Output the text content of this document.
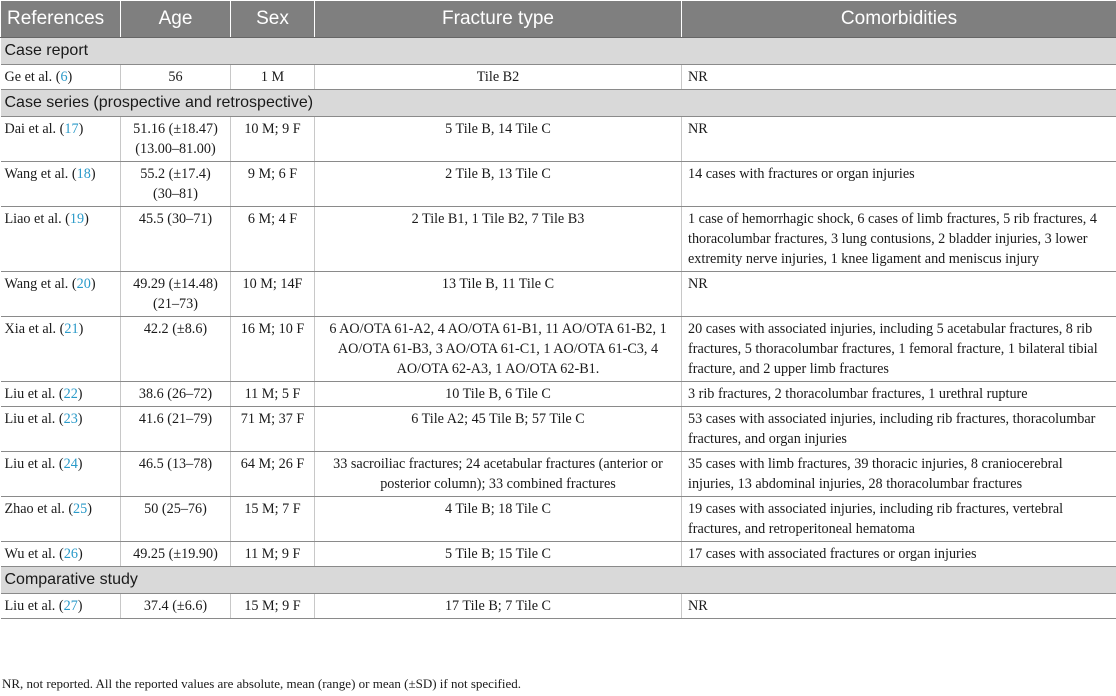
References	Age	Sex	Fracture type	Comorbidities
Case report				
Ge et al. (6)	56	1 M	Tile B2	NR
Case series (prospective and retrospective)				
Dai et al. (17)	51.16 (±18.47) (13.00–81.00)	10 M; 9 F	5 Tile B, 14 Tile C	NR
Wang et al. (18)	55.2 (±17.4) (30–81)	9 M; 6 F	2 Tile B, 13 Tile C	14 cases with fractures or organ injuries
Liao et al. (19)	45.5 (30–71)	6 M; 4 F	2 Tile B1, 1 Tile B2, 7 Tile B3	1 case of hemorrhagic shock, 6 cases of limb fractures, 5 rib fractures, 4 thoracolumbar fractures, 3 lung contusions, 2 bladder injuries, 3 lower extremity nerve injuries, 1 knee ligament and meniscus injury
Wang et al. (20)	49.29 (±14.48) (21–73)	10 M; 14F	13 Tile B, 11 Tile C	NR
Xia et al. (21)	42.2 (±8.6)	16 M; 10 F	6 AO/OTA 61-A2, 4 AO/OTA 61-B1, 11 AO/OTA 61-B2, 1 AO/OTA 61-B3, 3 AO/OTA 61-C1, 1 AO/OTA 61-C3, 4 AO/OTA 62-A3, 1 AO/OTA 62-B1.	20 cases with associated injuries, including 5 acetabular fractures, 8 rib fractures, 5 thoracolumbar fractures, 1 femoral fracture, 1 bilateral tibial fracture, and 2 upper limb fractures
Liu et al. (22)	38.6 (26–72)	11 M; 5 F	10 Tile B, 6 Tile C	3 rib fractures, 2 thoracolumbar fractures, 1 urethral rupture
Liu et al. (23)	41.6 (21–79)	71 M; 37 F	6 Tile A2; 45 Tile B; 57 Tile C	53 cases with associated injuries, including rib fractures, thoracolumbar fractures, and organ injuries
Liu et al. (24)	46.5 (13–78)	64 M; 26 F	33 sacroiliac fractures; 24 acetabular fractures (anterior or posterior column); 33 combined fractures	35 cases with limb fractures, 39 thoracic injuries, 8 craniocerebral injuries, 13 abdominal injuries, 28 thoracolumbar fractures
Zhao et al. (25)	50 (25–76)	15 M; 7 F	4 Tile B; 18 Tile C	19 cases with associated injuries, including rib fractures, vertebral fractures, and retroperitoneal hematoma
Wu et al. (26)	49.25 (±19.90)	11 M; 9 F	5 Tile B; 15 Tile C	17 cases with associated fractures or organ injuries
Comparative study				
Liu et al. (27)	37.4 (±6.6)	15 M; 9 F	17 Tile B; 7 Tile C	NR
NR, not reported. All the reported values are absolute, mean (range) or mean (±SD) if not specified.
